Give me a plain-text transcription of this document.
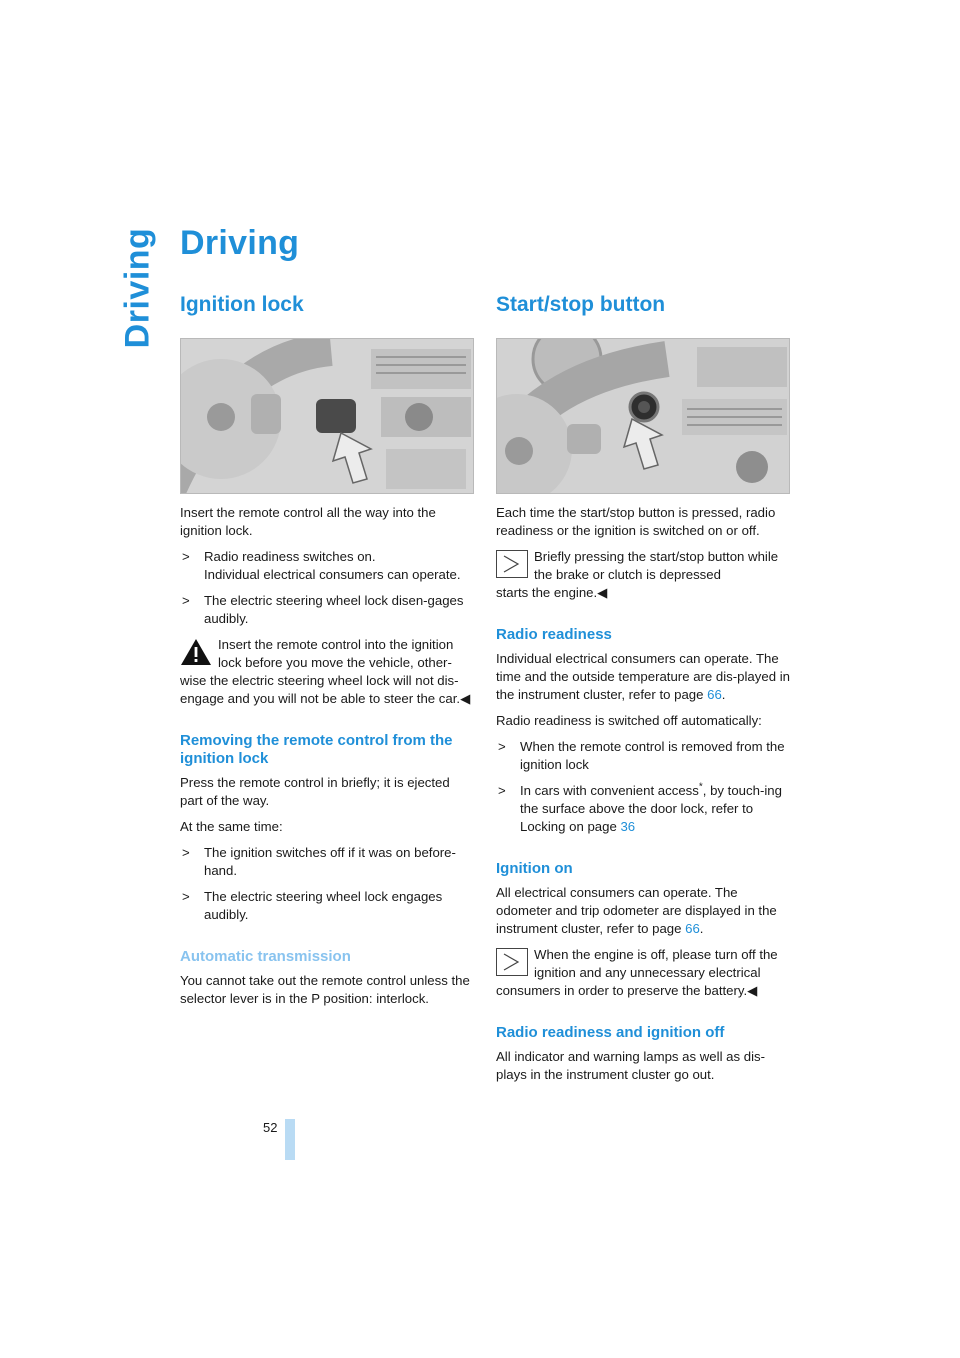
Driving Driving
Ignition lock

Insert the remote control all the way into the ignition lock.

>	Radio readiness switches on.
Individual electrical consumers can operate.
>	The electric steering wheel lock disen-gages audibly.
Insert the remote control into the ignition lock before you move the vehicle, other-
wise the electric steering wheel lock will not dis-engage and you will not be able to steer the car.◀
Removing the remote control from the ignition lock

Press the remote control in briefly; it is ejected part of the way.

At the same time:

>	The ignition switches off if it was on before-hand.
>	The electric steering wheel lock engages audibly.
Automatic transmission

You cannot take out the remote control unless the selector lever is in the P position: interlock.

Start/stop button

Each time the start/stop button is pressed, radio readiness or the ignition is switched on or off.

Briefly pressing the start/stop button while the brake or clutch is depressed
starts the engine.◀
Radio readiness

Individual electrical consumers can operate. The time and the outside temperature are dis-played in the instrument cluster, refer to page 66.

Radio readiness is switched off automatically:

>	When the remote control is removed from the ignition lock
>	In cars with convenient access*, by touch-ing the surface above the door lock, refer to Locking on page 36
Ignition on

All electrical consumers can operate. The odometer and trip odometer are displayed in the instrument cluster, refer to page 66.

When the engine is off, please turn off the ignition and any unnecessary electrical
consumers in order to preserve the battery.◀
Radio readiness and ignition off

All indicator and warning lamps as well as dis-plays in the instrument cluster go out.

52
